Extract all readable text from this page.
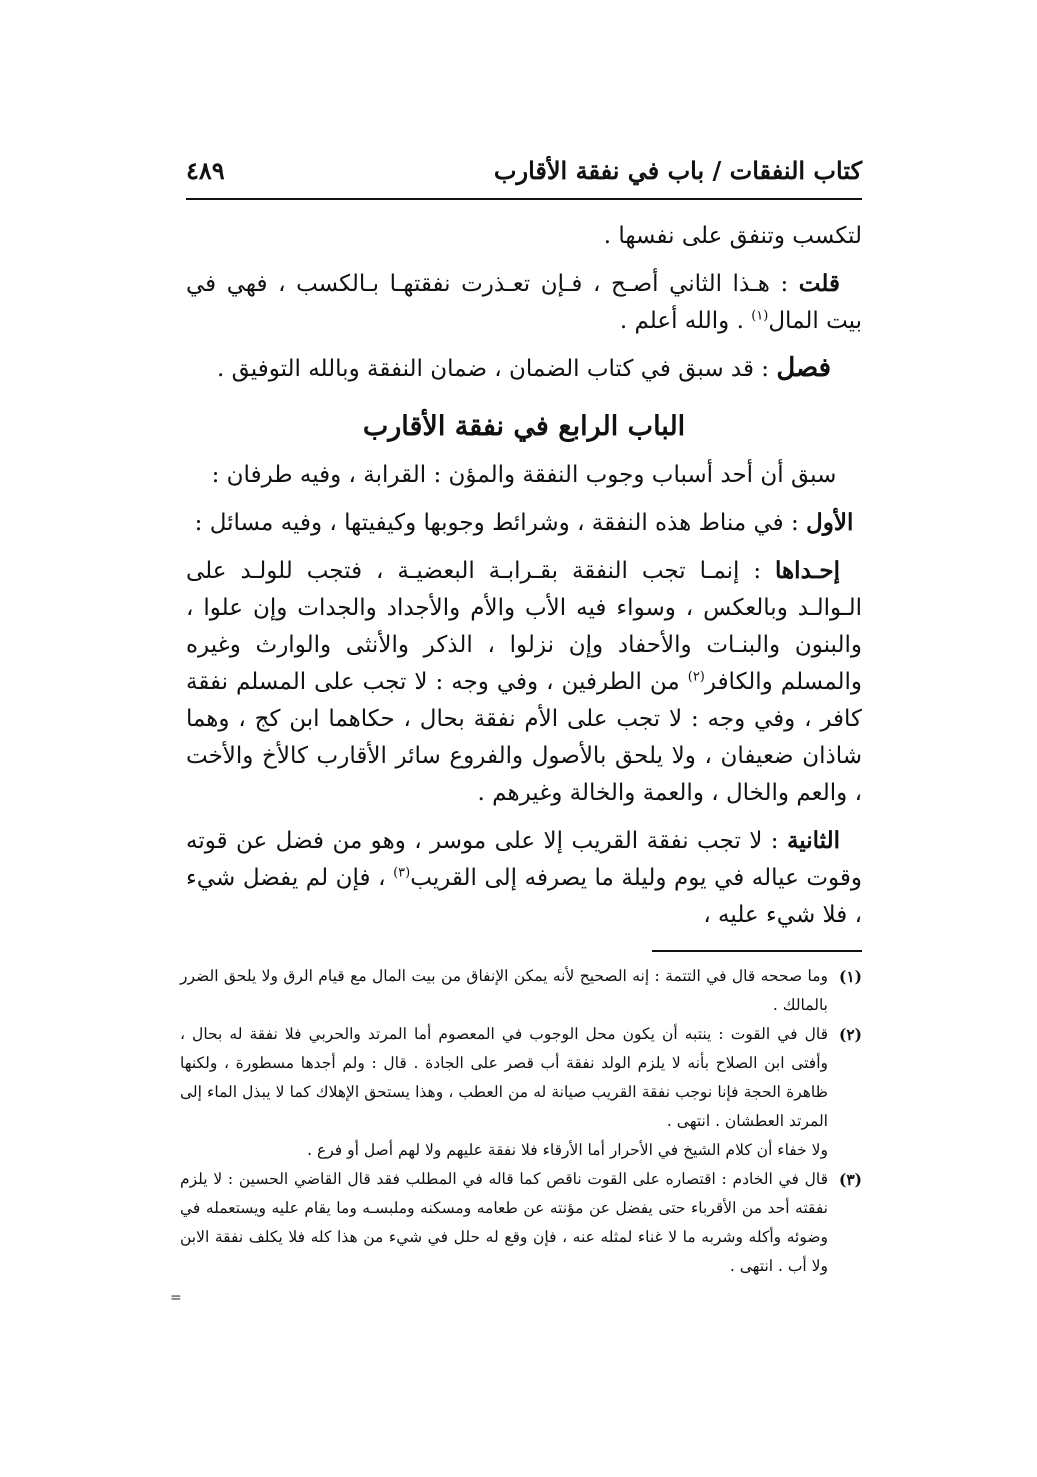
كتاب النفقات / باب في نفقة الأقارب
٤٨٩

لتكسب وتنفق على نفسها .

قلت : هـذا الثاني أصـح ، فـإن تعـذرت نفقتهـا بـالكسب ، فهي في بيت المال$^{(١)}$ . والله أعلم .

فصل : قد سبق في كتاب الضمان ، ضمان النفقة وبالله التوفيق .

الباب الرابع في نفقة الأقارب

سبق أن أحد أسباب وجوب النفقة والمؤن : القرابة ، وفيه طرفان :

الأول : في مناط هذه النفقة ، وشرائط وجوبها وكيفيتها ، وفيه مسائل :

إحـداها : إنمـا تجب النفقة بقـرابـة البعضيـة ، فتجب للولـد على الـوالـد وبالعكس ، وسواء فيه الأب والأم والأجداد والجدات وإن علوا ، والبنون والبنـات والأحفاد وإن نزلوا ، الذكر والأنثى والوارث وغيره والمسلم والكافر$^{(٢)}$ من الطرفين ، وفي وجه : لا تجب على المسلم نفقة كافر ، وفي وجه : لا تجب على الأم نفقة بحال ، حكاهما ابن كج ، وهما شاذان ضعيفان ، ولا يلحق بالأصول والفروع سائر الأقارب كالأخ والأخت ، والعم والخال ، والعمة والخالة وغيرهم .

الثانية : لا تجب نفقة القريب إلا على موسر ، وهو من فضل عن قوته وقوت عياله في يوم وليلة ما يصرفه إلى القريب$^{(٣)}$ ، فإن لم يفضل شيء ، فلا شيء عليه ،

(١)
وما صححه قال في التتمة : إنه الصحيح لأنه يمكن الإنفاق من بيت المال مع قيام الرق ولا يلحق الضرر بالمالك .
(٢)
قال في القوت : ينتبه أن يكون محل الوجوب في المعصوم أما المرتد والحربي فلا نفقة له بحال ، وأفتى ابن الصلاح بأنه لا يلزم الولد نفقة أب قصر على الجادة . قال : ولم أجدها مسطورة ، ولكنها ظاهرة الحجة فإنا نوجب نفقة القريب صيانة له من العطب ، وهذا يستحق الإهلاك كما لا يبذل الماء إلى المرتد العطشان . انتهى .
ولا خفاء أن كلام الشيخ في الأحرار أما الأرقاء فلا نفقة عليهم ولا لهم أصل أو فرع .
(٣)
قال في الخادم : اقتصاره على القوت ناقص كما قاله في المطلب فقد قال القاضي الحسين : لا يلزم نفقته أحد من الأقرباء حتى يفضل عن مؤنته عن طعامه ومسكنه وملبسـه وما يقام عليه ويستعمله في وضوئه وأكله وشربه ما لا غناء لمثله عنه ، فإن وقع له حلل في شيء من هذا كله فلا يكلف نفقة الابن ولا أب . انتهى .
=
